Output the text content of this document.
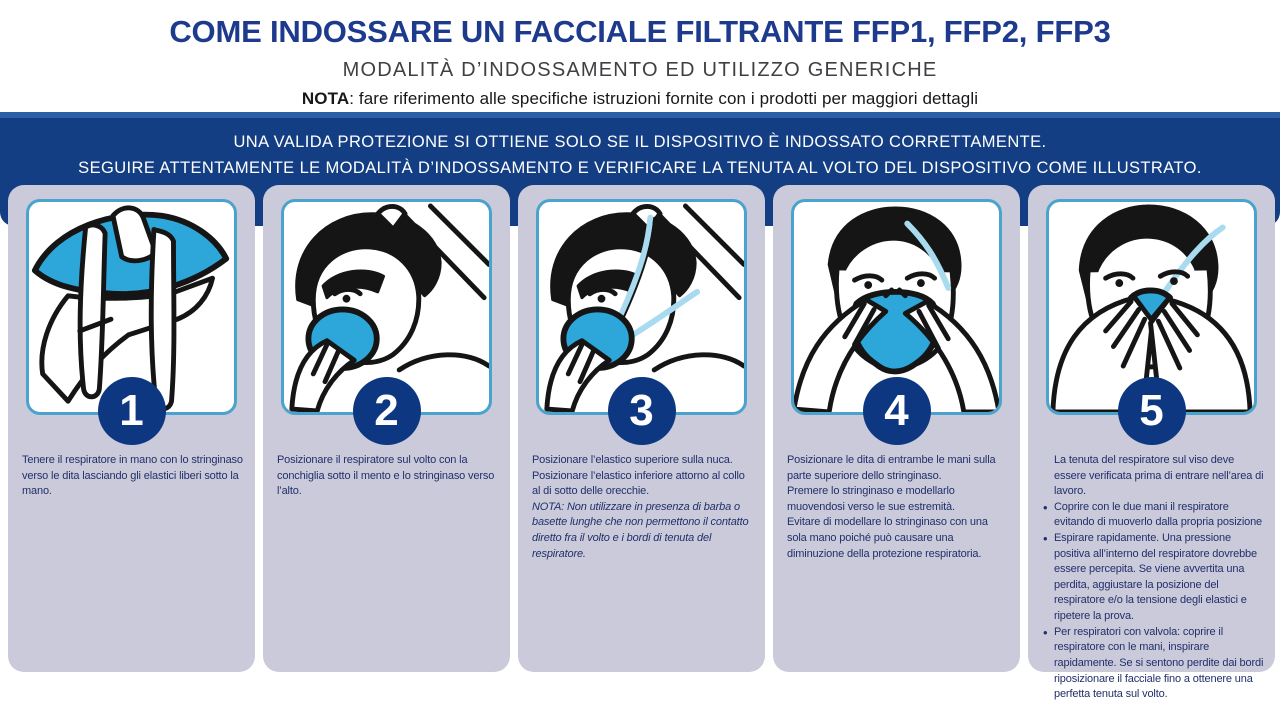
COME INDOSSARE UN FACCIALE FILTRANTE FFP1, FFP2, FFP3
MODALITÀ D’INDOSSAMENTO ED UTILIZZO GENERICHE
NOTA: fare riferimento alle specifiche istruzioni fornite con i prodotti per maggiori dettagli
UNA VALIDA PROTEZIONE SI OTTIENE SOLO SE IL DISPOSITIVO È INDOSSATO CORRETTAMENTE.
SEGUIRE ATTENTAMENTE LE MODALITÀ D’INDOSSAMENTO E VERIFICARE LA TENUTA AL VOLTO DEL DISPOSITIVO COME ILLUSTRATO.
1

Tenere il respiratore in mano con lo stringinaso verso le dita lasciando gli elastici liberi sotto la mano.

2

Posizionare il respiratore sul volto con la conchiglia sotto il mento e lo stringinaso verso l’alto.

3

Posizionare l’elastico superiore sulla nuca. Posizionare l’elastico inferiore attorno al collo al di sotto delle orecchie.

NOTA: Non utilizzare in presenza di barba o basette lunghe che non permettono il contatto diretto fra il volto e i bordi di tenuta del respiratore.

4

Posizionare le dita di entrambe le mani sulla parte superiore dello stringinaso.

Premere lo stringinaso e modellarlo muovendosi verso le sue estremità.

Evitare di modellare lo stringinaso con una sola mano poiché può causare una diminuzione della protezione respiratoria.

5

La tenuta del respiratore sul viso deve essere verificata prima di entrare nell’area di lavoro.

• Coprire con le due mani il respiratore evitando di muoverlo dalla propria posizione
• Espirare rapidamente. Una pressione positiva all’interno del respiratore dovrebbe essere percepita. Se viene avvertita una perdita, aggiustare la posizione del respiratore e/o la tensione degli elastici e ripetere la prova.
• Per respiratori con valvola: coprire il respiratore con le mani, inspirare rapidamente. Se si sentono perdite dai bordi riposizionare il facciale fino a ottenere una perfetta tenuta sul volto.
